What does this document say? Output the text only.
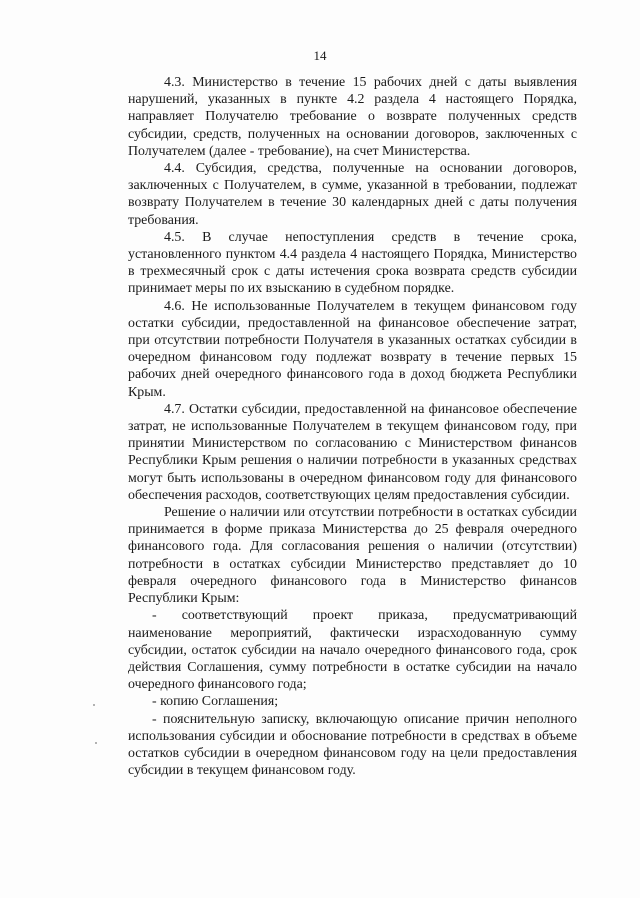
14

4.3. Министерство в течение 15 рабочих дней с даты выявления нарушений, указанных в пункте 4.2 раздела 4 настоящего Порядка, направляет Получателю требование о возврате полученных средств субсидии, средств, полученных на основании договоров, заключенных с Получателем (далее - требование), на счет Министерства.

4.4. Субсидия, средства, полученные на основании договоров, заключенных с Получателем, в сумме, указанной в требовании, подлежат возврату Получателем в течение 30 календарных дней с даты получения требования.

4.5. В случае непоступления средств в течение срока, установленного пунктом 4.4 раздела 4 настоящего Порядка, Министерство в трехмесячный срок с даты истечения срока возврата средств субсидии принимает меры по их взысканию в судебном порядке.

4.6. Не использованные Получателем в текущем финансовом году остатки субсидии, предоставленной на финансовое обеспечение затрат, при отсутствии потребности Получателя в указанных остатках субсидии в очередном финансовом году подлежат возврату в течение первых 15 рабочих дней очередного финансового года в доход бюджета Республики Крым.

4.7. Остатки субсидии, предоставленной на финансовое обеспечение затрат, не использованные Получателем в текущем финансовом году, при принятии Министерством по согласованию с Министерством финансов Республики Крым решения о наличии потребности в указанных средствах могут быть использованы в очередном финансовом году для финансового обеспечения расходов, соответствующих целям предоставления субсидии.

Решение о наличии или отсутствии потребности в остатках субсидии принимается в форме приказа Министерства до 25 февраля очередного финансового года. Для согласования решения о наличии (отсутствии) потребности в остатках субсидии Министерство представляет до 10 февраля очередного финансового года в Министерство финансов Республики Крым:

- соответствующий проект приказа, предусматривающий наименование мероприятий, фактически израсходованную сумму субсидии, остаток субсидии на начало очередного финансового года, срок действия Соглашения, сумму потребности в остатке субсидии на начало очередного финансового года;

- копию Соглашения;

- пояснительную записку, включающую описание причин неполного использования субсидии и обоснование потребности в средствах в объеме остатков субсидии в очередном финансовом году на цели предоставления субсидии в текущем финансовом году.
